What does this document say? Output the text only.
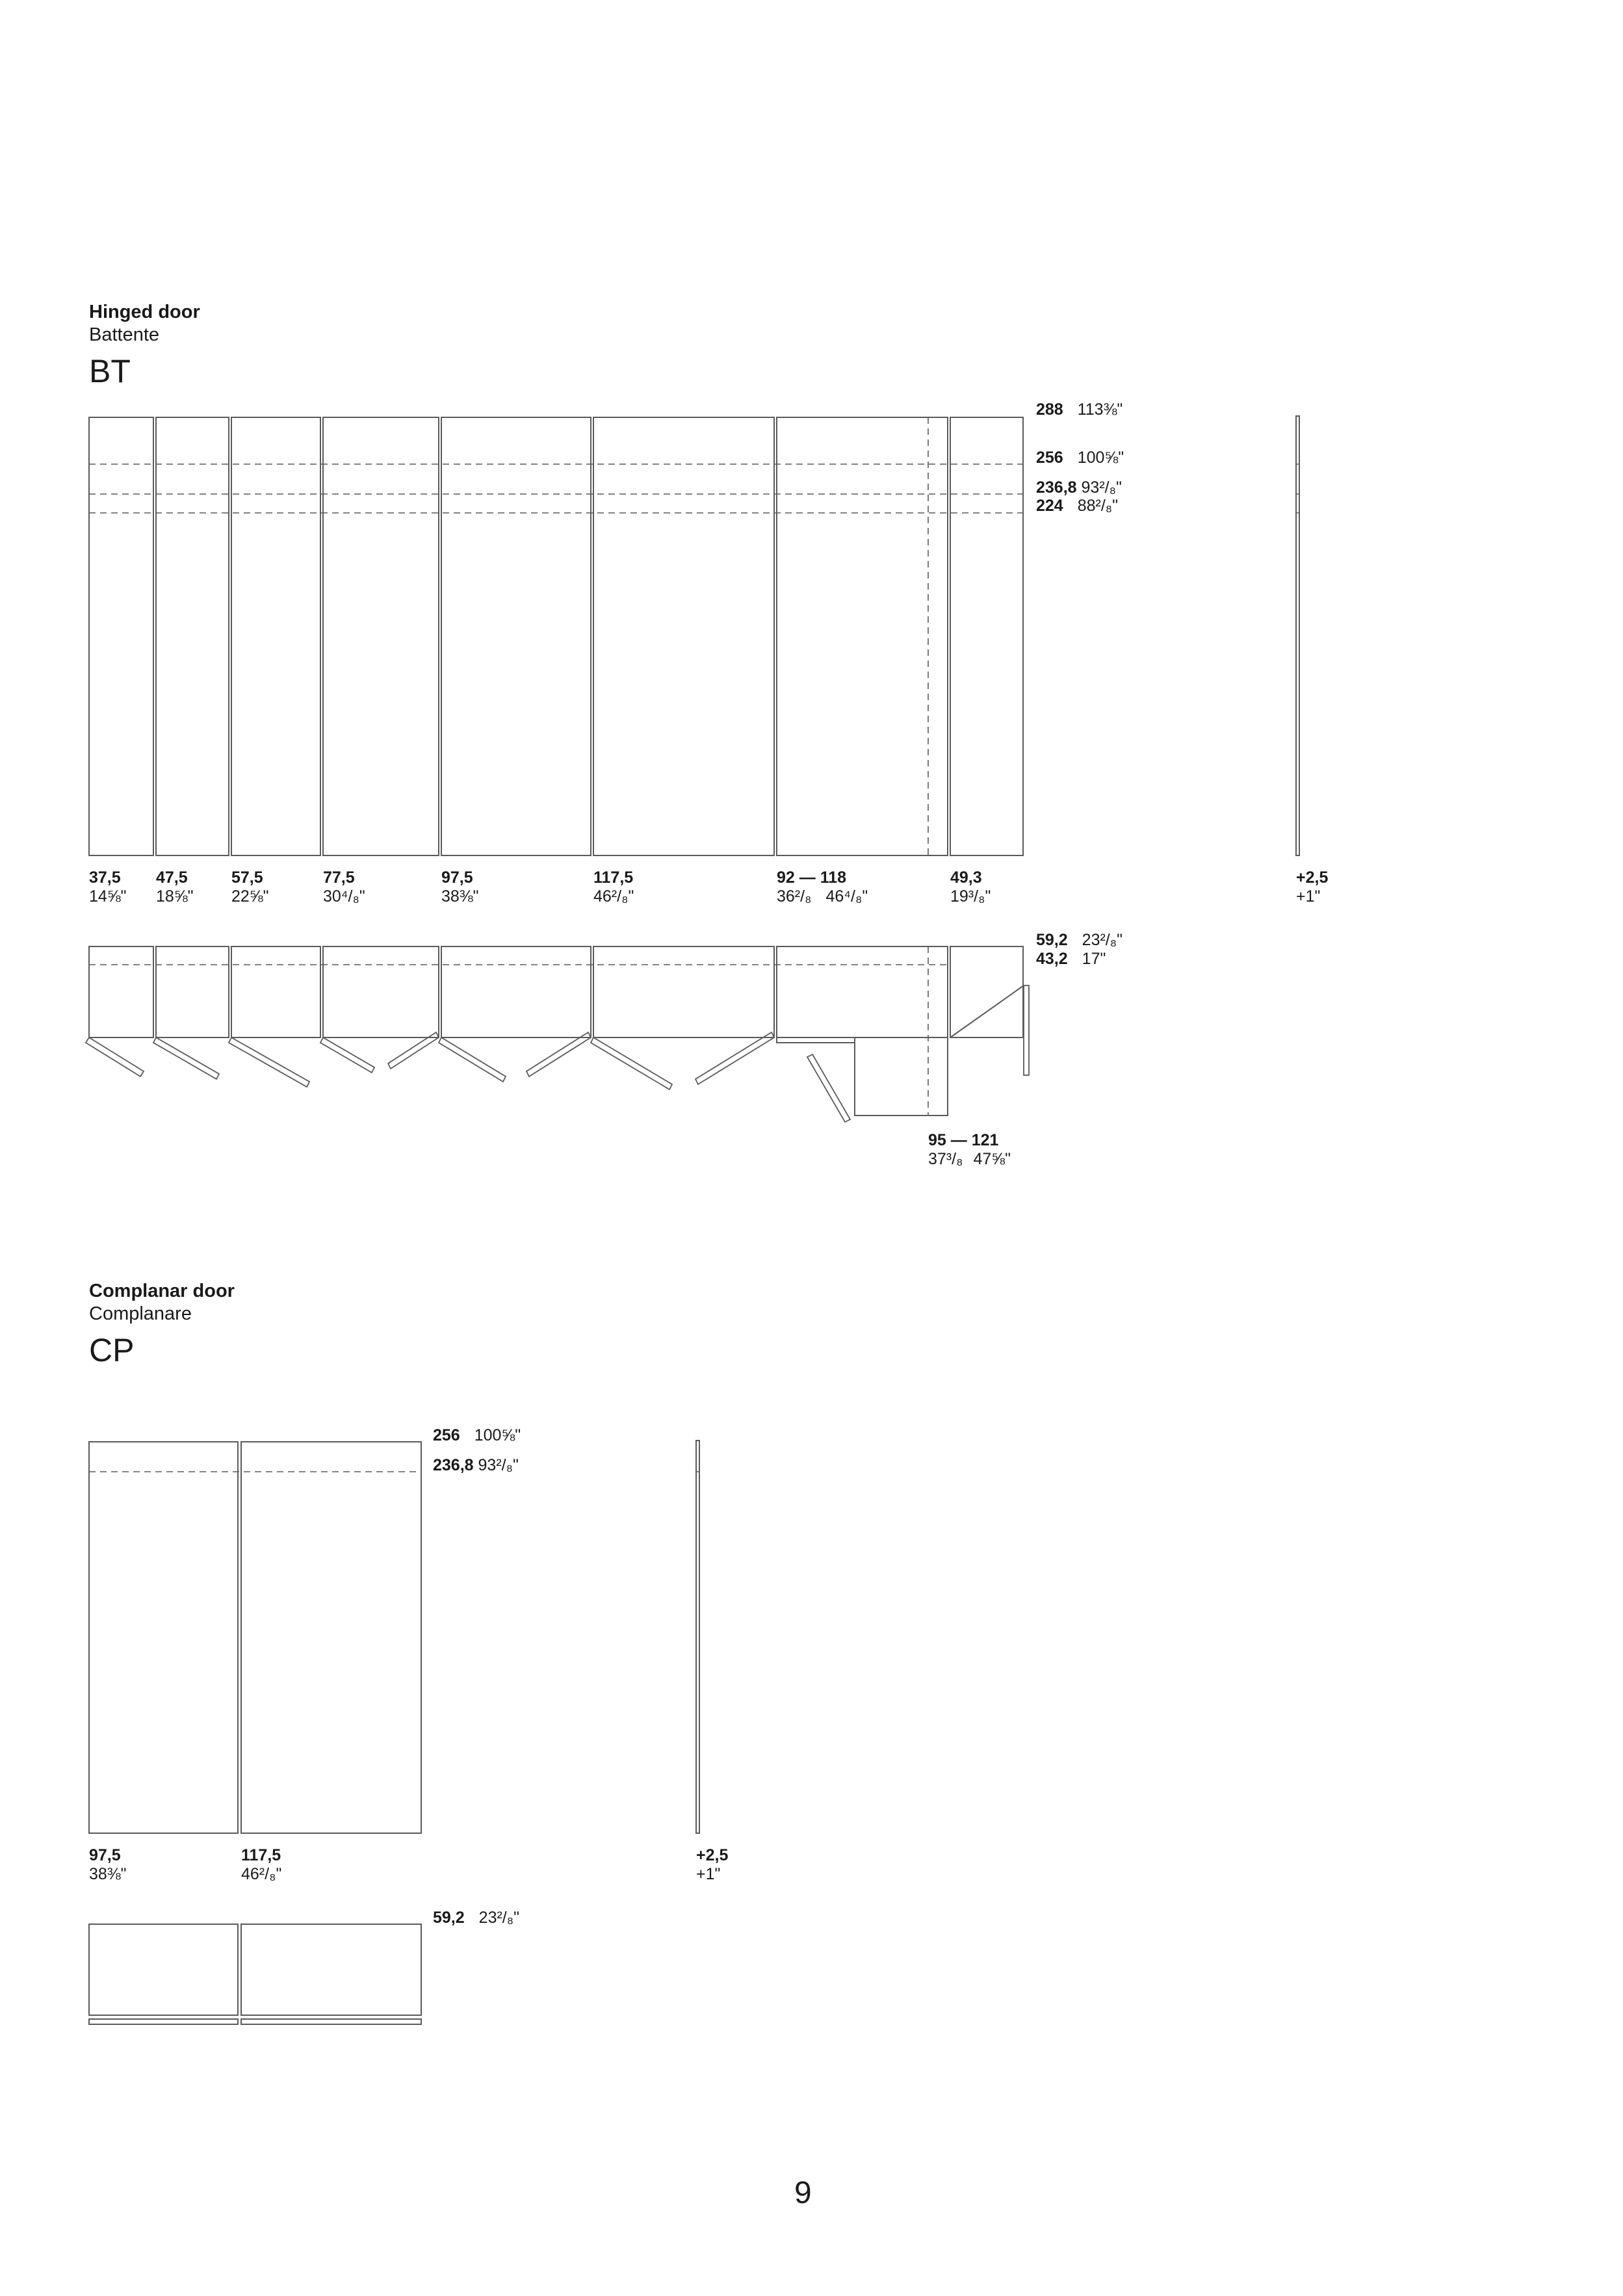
Hinged door
Battente
BT
288 113⅜"
256 100⅝"
236,8 93²/₈"
224 88²/₈"
37,5
14⅝"
47,5
18⅝"
57,5
22⅝"
77,5
30⁴/₈"
97,5
38⅜"
117,5
46²/₈"
92 — 118
36²/₈ 46⁴/₈"
49,3
19³/₈"
+2,5
+1"
59,2 23²/₈"
43,2 17"
95 — 121
37³/₈ 47⅝"
Complanar door
Complanare
CP
256 100⅝"
236,8 93²/₈"
97,5
38⅜"
117,5
46²/₈"
+2,5
+1"
59,2 23²/₈"
9
